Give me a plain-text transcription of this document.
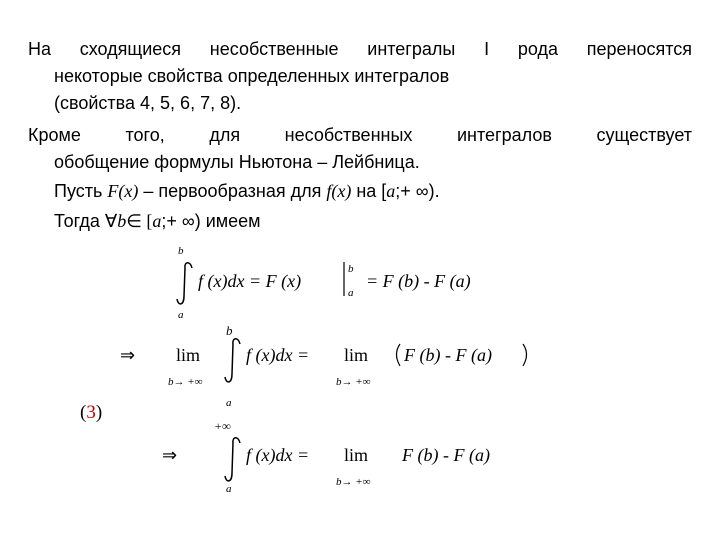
На сходящиеся несобственные интегралы I рода переносятся
некоторые свойства определенных интегралов
(свойства 4, 5, 6, 7, 8).
Кроме того, для несобственных интегралов существует
обобщение формулы Ньютона – Лейбница.
Пусть F(x) – первообразная для f(x) на [a;+ ∞).
Тогда ∀b∈ [a;+ ∞) имеем
b
a
f (x)dx = F (x)
b
a
= F (b) - F (a)
⇒ lim
b→ +∞
b
a
f (x)dx = lim
b→ +∞
F (b) - F (a)
⇒
+∞
a
f (x)dx = lim
b→ +∞
F (b) - F (a)
(3)
